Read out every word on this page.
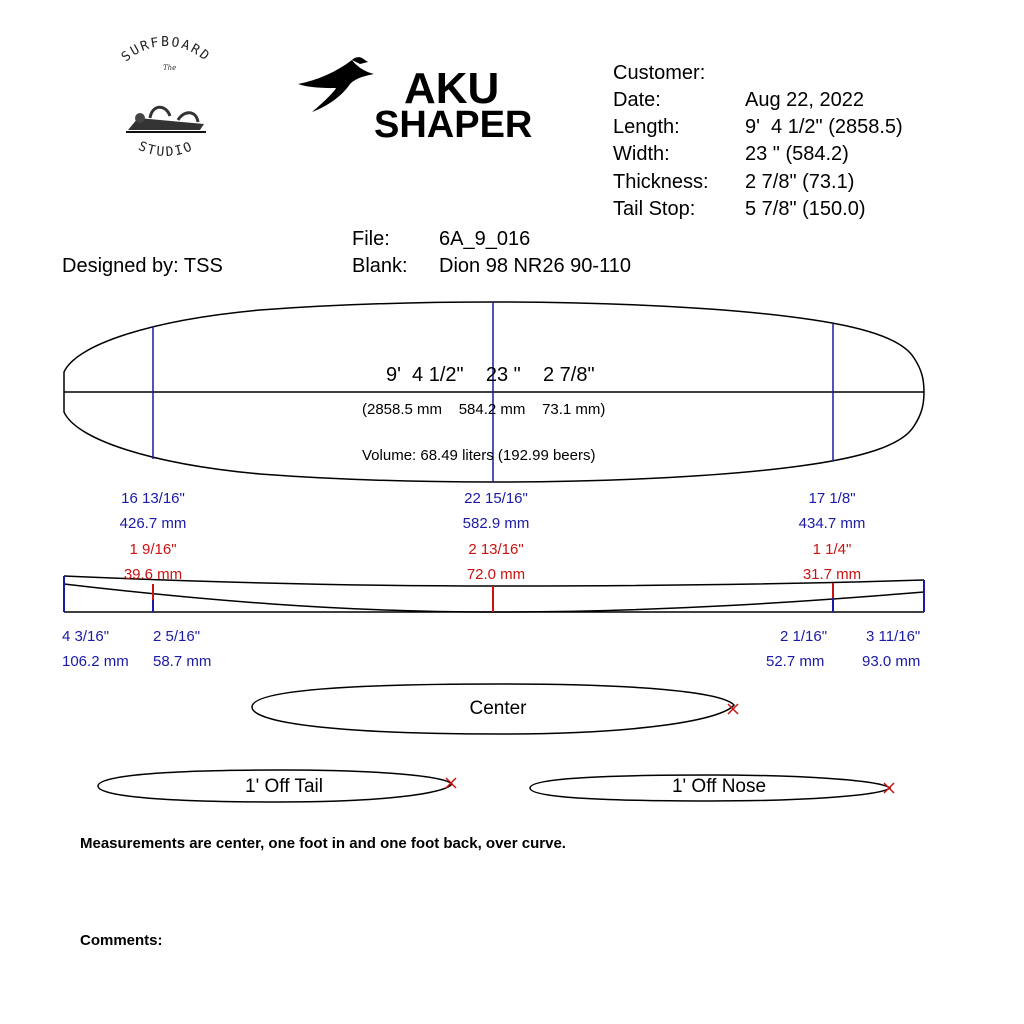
SURFBOARD
STUDIO
The	AKU
SHAPER
Customer:
Date:	Aug 22, 2022
Length:	9'  4 1/2" (2858.5)
Width:	23 " (584.2)
Thickness: 2 7/8" (73.1)
Tail Stop: 5 7/8" (150.0)
File: 6A_9_016
Blank: Dion 98 NR26 90-110
Designed by: TSS
9'  4 1/2"    23 "    2 7/8"
(2858.5 mm    584.2 mm    73.1 mm)
Volume: 68.49 liters (192.99 beers)
16 13/16"
426.7 mm
22 15/16"
582.9 mm
17 1/8"
434.7 mm
1 9/16"
39.6 mm
2 13/16"
72.0 mm
1 1/4"
31.7 mm
4 3/16"
106.2 mm
2 5/16"
58.7 mm
2 1/16"
52.7 mm
3 11/16"
93.0 mm
Center
1' Off Tail	1' Off Nose
Measurements are center, one foot in and one foot back, over curve.
Comments:
